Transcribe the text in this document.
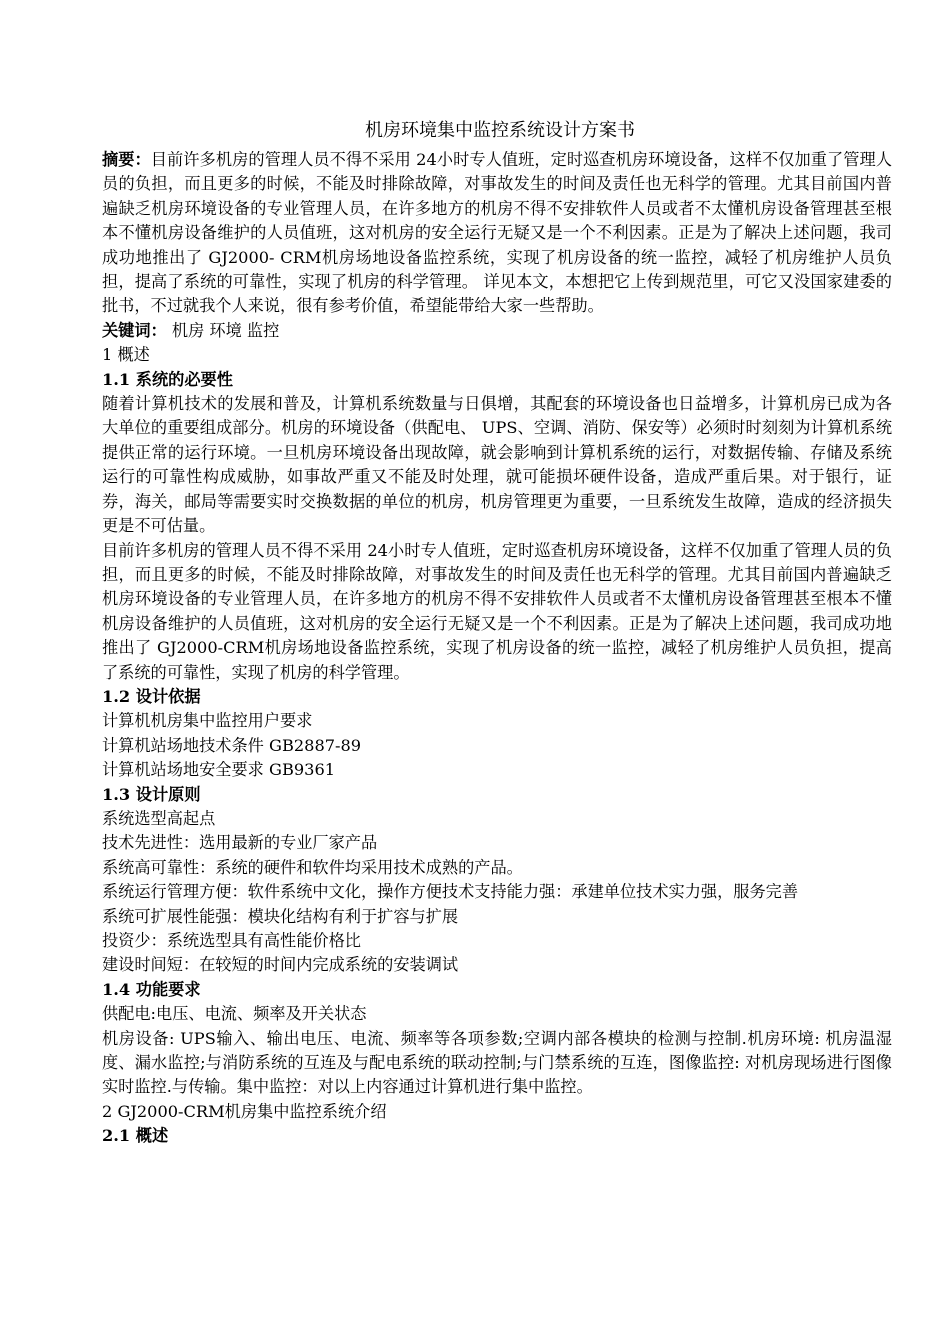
机房环境集中监控系统设计方案书

摘要：目前许多机房的管理人员不得不采用 24小时专人值班，定时巡查机房环境设备，这样不仅加重了管理人员的负担，而且更多的时候，不能及时排除故障，对事故发生的时间及责任也无科学的管理。尤其目前国内普遍缺乏机房环境设备的专业管理人员，在许多地方的机房不得不安排软件人员或者不太懂机房设备管理甚至根本不懂机房设备维护的人员值班，这对机房的安全运行无疑又是一个不利因素。正是为了解决上述问题，我司成功地推出了 GJ2000- CRM机房场地设备监控系统，实现了机房设备的统一监控，减轻了机房维护人员负担，提高了系统的可靠性，实现了机房的科学管理。 详见本文，本想把它上传到规范里，可它又没国家建委的批书，不过就我个人来说，很有参考价值，希望能带给大家一些帮助。

关键词： 机房 环境 监控

1 概述

1.1 系统的必要性

随着计算机技术的发展和普及，计算机系统数量与日俱增，其配套的环境设备也日益增多，计算机房已成为各大单位的重要组成部分。机房的环境设备（供配电、 UPS、空调、消防、保安等）必须时时刻刻为计算机系统提供正常的运行环境。一旦机房环境设备出现故障，就会影响到计算机系统的运行，对数据传输、存储及系统运行的可靠性构成威胁，如事故严重又不能及时处理，就可能损坏硬件设备，造成严重后果。对于银行，证券，海关，邮局等需要实时交换数据的单位的机房，机房管理更为重要，一旦系统发生故障，造成的经济损失更是不可估量。

目前许多机房的管理人员不得不采用 24小时专人值班，定时巡查机房环境设备，这样不仅加重了管理人员的负担，而且更多的时候，不能及时排除故障，对事故发生的时间及责任也无科学的管理。尤其目前国内普遍缺乏机房环境设备的专业管理人员，在许多地方的机房不得不安排软件人员或者不太懂机房设备管理甚至根本不懂机房设备维护的人员值班，这对机房的安全运行无疑又是一个不利因素。正是为了解决上述问题，我司成功地推出了 GJ2000-CRM机房场地设备监控系统，实现了机房设备的统一监控，减轻了机房维护人员负担，提高了系统的可靠性，实现了机房的科学管理。

1.2 设计依据

计算机机房集中监控用户要求

计算机站场地技术条件 GB2887-89

计算机站场地安全要求 GB9361

1.3 设计原则

系统选型高起点

技术先进性：选用最新的专业厂家产品

系统高可靠性：系统的硬件和软件均采用技术成熟的产品。

系统运行管理方便：软件系统中文化，操作方便技术支持能力强：承建单位技术实力强，服务完善

系统可扩展性能强：模块化结构有利于扩容与扩展

投资少：系统选型具有高性能价格比

建设时间短：在较短的时间内完成系统的安装调试

1.4 功能要求

供配电:电压、电流、频率及开关状态

机房设备: UPS输入、输出电压、电流、频率等各项参数;空调内部各模块的检测与控制.机房环境: 机房温湿度、漏水监控;与消防系统的互连及与配电系统的联动控制;与门禁系统的互连，图像监控: 对机房现场进行图像实时监控.与传输。集中监控：对以上内容通过计算机进行集中监控。

2 GJ2000-CRM机房集中监控系统介绍

2.1 概述
